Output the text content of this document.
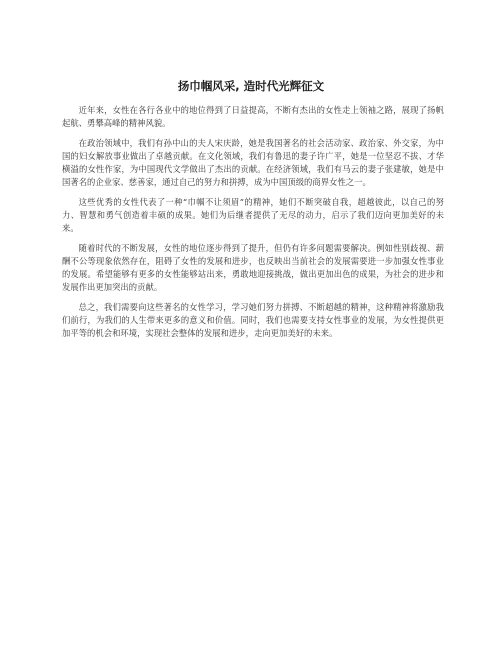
扬巾帼风采, 造时代光辉征文

近年来，女性在各行各业中的地位得到了日益提高，不断有杰出的女性走上领袖之路，展现了扬帆起航、勇攀高峰的精神风貌。

在政治领域中，我们有孙中山的夫人宋庆龄，她是我国著名的社会活动家、政治家、外交家，为中国的妇女解放事业做出了卓越贡献。在文化领域，我们有鲁迅的妻子许广平，她是一位坚忍不拔、才华横溢的女性作家，为中国现代文学做出了杰出的贡献。在经济领域，我们有马云的妻子张建敏，她是中国著名的企业家、慈善家，通过自己的努力和拼搏，成为中国顶级的商界女性之一。

这些优秀的女性代表了一种“巾帼不让须眉”的精神，她们不断突破自我，超越彼此，以自己的努力、智慧和勇气创造着丰硕的成果。她们为后继者提供了无尽的动力，启示了我们迈向更加美好的未来。

随着时代的不断发展，女性的地位逐步得到了提升，但仍有许多问题需要解决。例如性别歧视、薪酬不公等现象依然存在，阻碍了女性的发展和进步，也反映出当前社会的发展需要进一步加强女性事业的发展。希望能够有更多的女性能够站出来，勇敢地迎接挑战，做出更加出色的成果，为社会的进步和发展作出更加突出的贡献。

总之，我们需要向这些著名的女性学习，学习她们努力拼搏、不断超越的精神，这种精神将激励我们前行，为我们的人生带来更多的意义和价值。同时，我们也需要支持女性事业的发展，为女性提供更加平等的机会和环境，实现社会整体的发展和进步，走向更加美好的未来。
